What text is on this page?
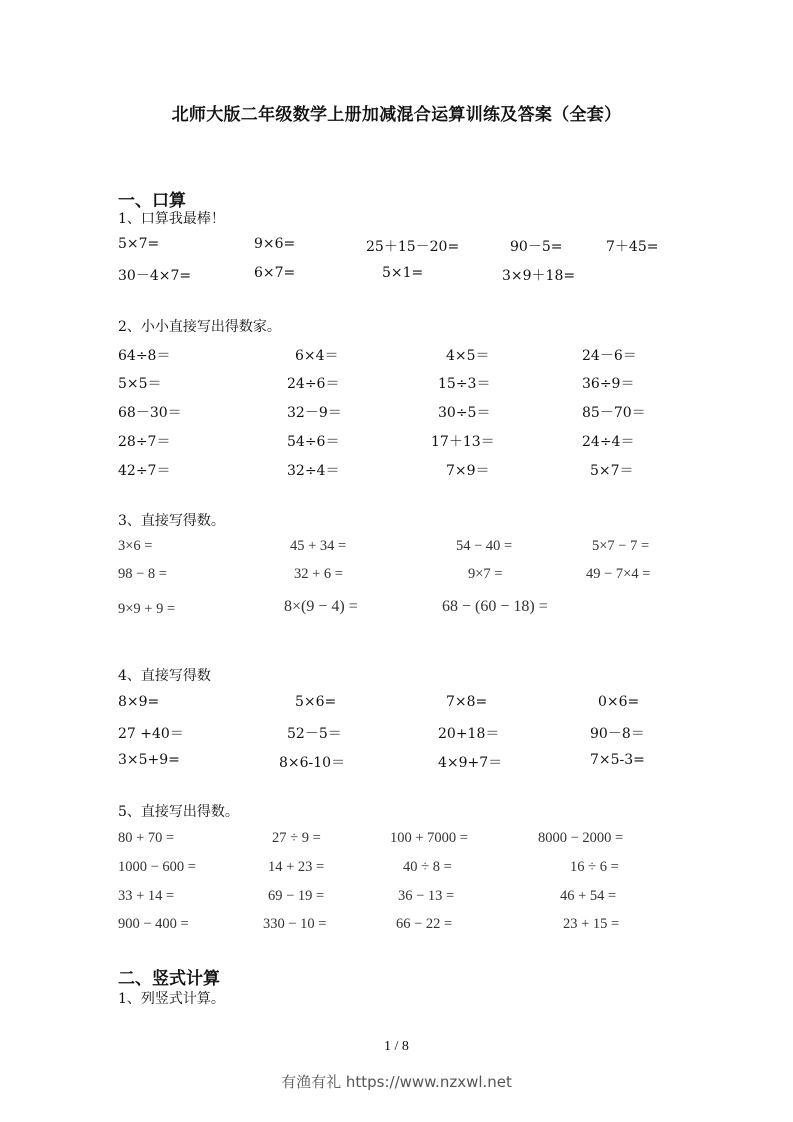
北师大版二年级数学上册加减混合运算训练及答案（全套）
一、口算
1、口算我最棒！
5×7=	9×6=	25＋15－20=	90－5=	7＋45=
30－4×7=	6×7=	5×1=	3×9＋18=
2、小小直接写出得数家。
64÷8＝	6×4＝	4×5＝	24－6＝
5×5＝	24÷6＝	15÷3＝	36÷9＝
68－30＝	32－9＝	30÷5＝	85－70＝
28÷7＝	54÷6＝	17＋13＝	24÷4＝
42÷7＝	32÷4＝	7×9＝	5×7＝
3、直接写得数。
3×6 =	45 + 34 =	54 − 40 =	5×7 − 7 =
98 − 8 =	32 + 6 =	9×7 =	49 − 7×4 =
9×9 + 9 =	8×(9 − 4) =	68 − (60 − 18) =
4、直接写得数
8×9=	5×6=	7×8=	0×6=
27 +40＝	52－5＝	20+18＝	90－8＝
3×5+9=	8×6-10＝	4×9+7＝	7×5-3=
5、直接写出得数。
80 + 70 =	27 ÷ 9 =	100 + 7000 =	8000 − 2000 =
1000 − 600 =	14 + 23 =	40 ÷ 8 =	16 ÷ 6 =
33 + 14 =	69 − 19 =	36 − 13 =	46 + 54 =
900 − 400 =	330 − 10 =	66 − 22 =	23 + 15 =
二、竖式计算
1、列竖式计算。
1 / 8
有渔有礼 https://www.nzxwl.net
